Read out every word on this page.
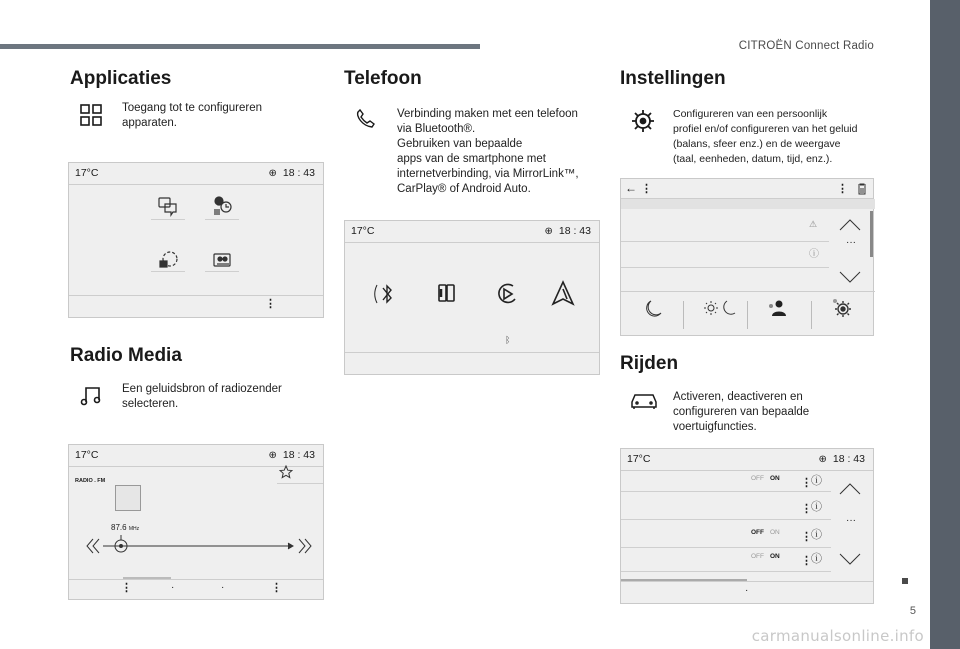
CITROËN Connect Radio
5
carmanualsonline.info
Applicaties
Toegang tot te configureren apparaten.
17°C	⊕ 18 : 43
⋮
Radio Media
Een geluidsbron of radiozender selecteren.
17°C	⊕ 18 : 43
RADIO . FM
87.6 MHz
⋮	·	·	⋮
Telefoon
Verbinding maken met een telefoon
via Bluetooth®.
Gebruiken van bepaalde
apps van de smartphone met
internetverbinding, via MirrorLink™,
CarPlay® of Android Auto.
17°C	⊕ 18 : 43
ᛒ
Instellingen
Configureren van een persoonlijk
profiel en/of configureren van het geluid
(balans, sfeer enz.) en de weergave
(taal, eenheden, datum, tijd, enz.).
← ⋮	⋮
⚠
ⓘ
···
Rijden
Activeren, deactiveren en
configureren van bepaalde
voertuigfuncties.
17°C	⊕ 18 : 43
OFF ON ⋮ ⓘ
⋮ ⓘ
OFF ON ⋮ ⓘ
OFF ON ⋮ ⓘ
···
·
